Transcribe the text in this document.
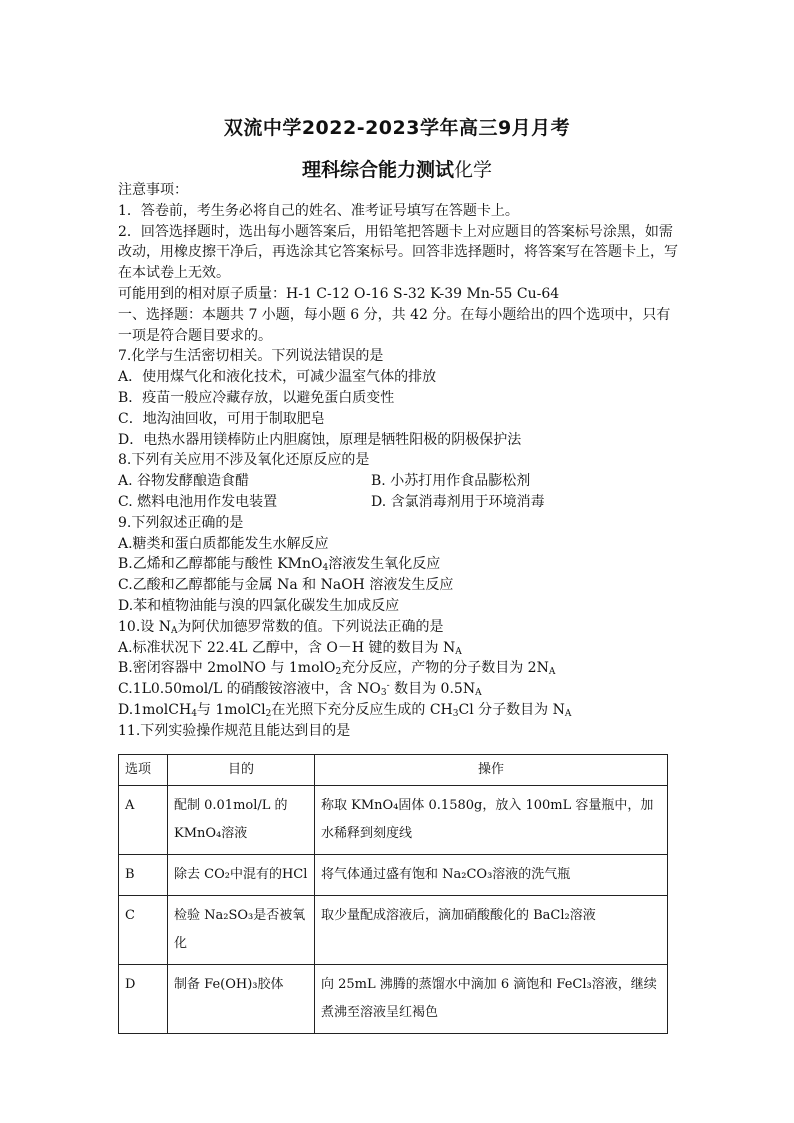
双流中学2022-2023学年高三9月月考
理科综合能力测试化学

注意事项：

1．答卷前，考生务必将自己的姓名、准考证号填写在答题卡上。

2．回答选择题时，选出每小题答案后，用铅笔把答题卡上对应题目的答案标号涂黑，如需改动，用橡皮擦干净后，再选涂其它答案标号。回答非选择题时，将答案写在答题卡上，写在本试卷上无效。

可能用到的相对原子质量：H-1 C-12 O-16 S-32 K-39 Mn-55 Cu-64

一、选择题：本题共 7 小题，每小题 6 分，共 42 分。在每小题给出的四个选项中，只有一项是符合题目要求的。

7.化学与生活密切相关。下列说法错误的是

A．使用煤气化和液化技术，可减少温室气体的排放

B．疫苗一般应冷藏存放，以避免蛋白质变性

C．地沟油回收，可用于制取肥皂

D．电热水器用镁棒防止内胆腐蚀，原理是牺牲阳极的阴极保护法

8.下列有关应用不涉及氧化还原反应的是

A. 谷物发酵酿造食醋	B. 小苏打用作食品膨松剂
C. 燃料电池用作发电装置	D. 含氯消毒剂用于环境消毒

9.下列叙述正确的是

A.糖类和蛋白质都能发生水解反应

B.乙烯和乙醇都能与酸性 KMnO$_4$溶液发生氧化反应

C.乙酸和乙醇都能与金属 Na 和 NaOH 溶液发生反应

D.苯和植物油能与溴的四氯化碳发生加成反应

10.设 $N_A$为阿伏加德罗常数的值。下列说法正确的是

A.标准状况下 22.4L 乙醇中，含 O－H 键的数目为 $N_A$

B.密闭容器中 2molNO 与 1molO$_2$充分反应，产物的分子数目为 $2N_A$

C.1L0.50mol/L 的硝酸铵溶液中，含 $NO_3^-$ 数目为 $0.5N_A$

D.1molCH$_4$与 1molCl$_2$在光照下充分反应生成的 $CH_3Cl$ 分子数目为 $N_A$

11.下列实验操作规范且能达到目的是

选项	目的	操作
A	配制 0.01mol/L 的 KMnO₄溶液	称取 KMnO₄固体 0.1580g，放入 100mL 容量瓶中，加水稀释到刻度线
B	除去 CO₂中混有的HCl	将气体通过盛有饱和 Na₂CO₃溶液的洗气瓶
C	检验 Na₂SO₃是否被氧化	取少量配成溶液后，滴加硝酸酸化的 BaCl₂溶液
D	制备 Fe(OH)₃胶体	向 25mL 沸腾的蒸馏水中滴加 6 滴饱和 FeCl₃溶液，继续煮沸至溶液呈红褐色
